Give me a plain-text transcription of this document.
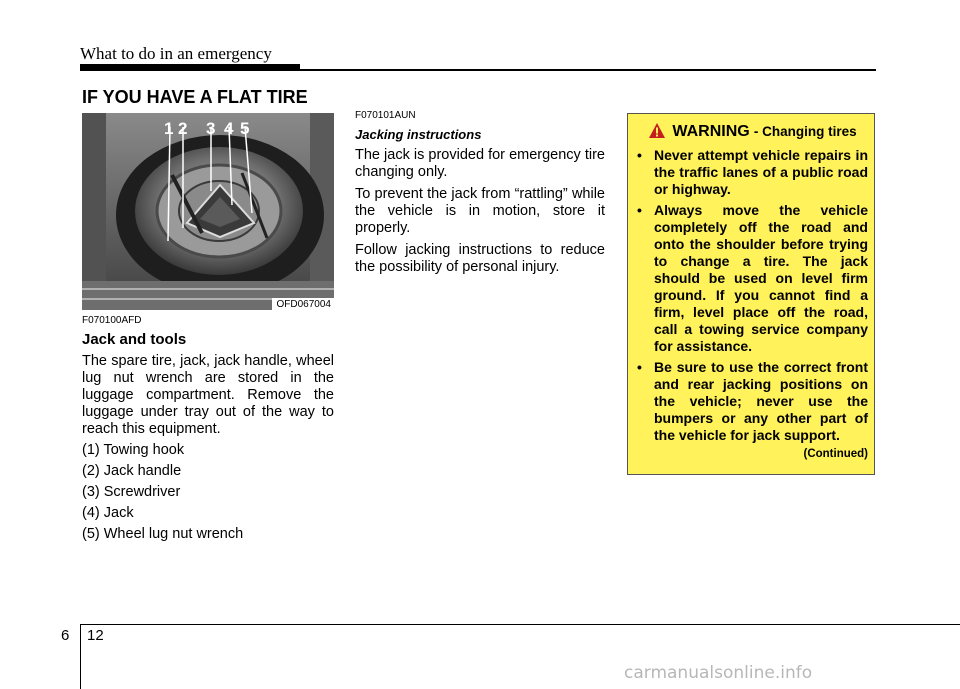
What to do in an emergency
IF YOU HAVE A FLAT TIRE
1 2 3 4 5
OFD067004
F070100AFD
Jack and tools

The spare tire, jack, jack handle, wheel lug nut wrench are stored in the luggage compartment. Remove the luggage under tray out of the way to reach this equipment.

(1) Towing hook
(2) Jack handle
(3) Screwdriver
(4) Jack
(5) Wheel lug nut wrench
F070101AUN
Jacking instructions

The jack is provided for emergency tire changing only.

To prevent the jack from “rattling” while the vehicle is in motion, store it properly.

Follow jacking instructions to reduce the possibility of personal injury.

WARNING - Changing tires
• Never attempt vehicle repairs in the traffic lanes of a public road or highway.
• Always move the vehicle completely off the road and onto the shoulder before trying to change a tire. The jack should be used on level firm ground. If you cannot find a firm, level place off the road, call a towing service company for assistance.
• Be sure to use the correct front and rear jacking positions on the vehicle; never use the bumpers or any other part of the vehicle for jack support.
(Continued)
6 12
carmanualsonline.info
